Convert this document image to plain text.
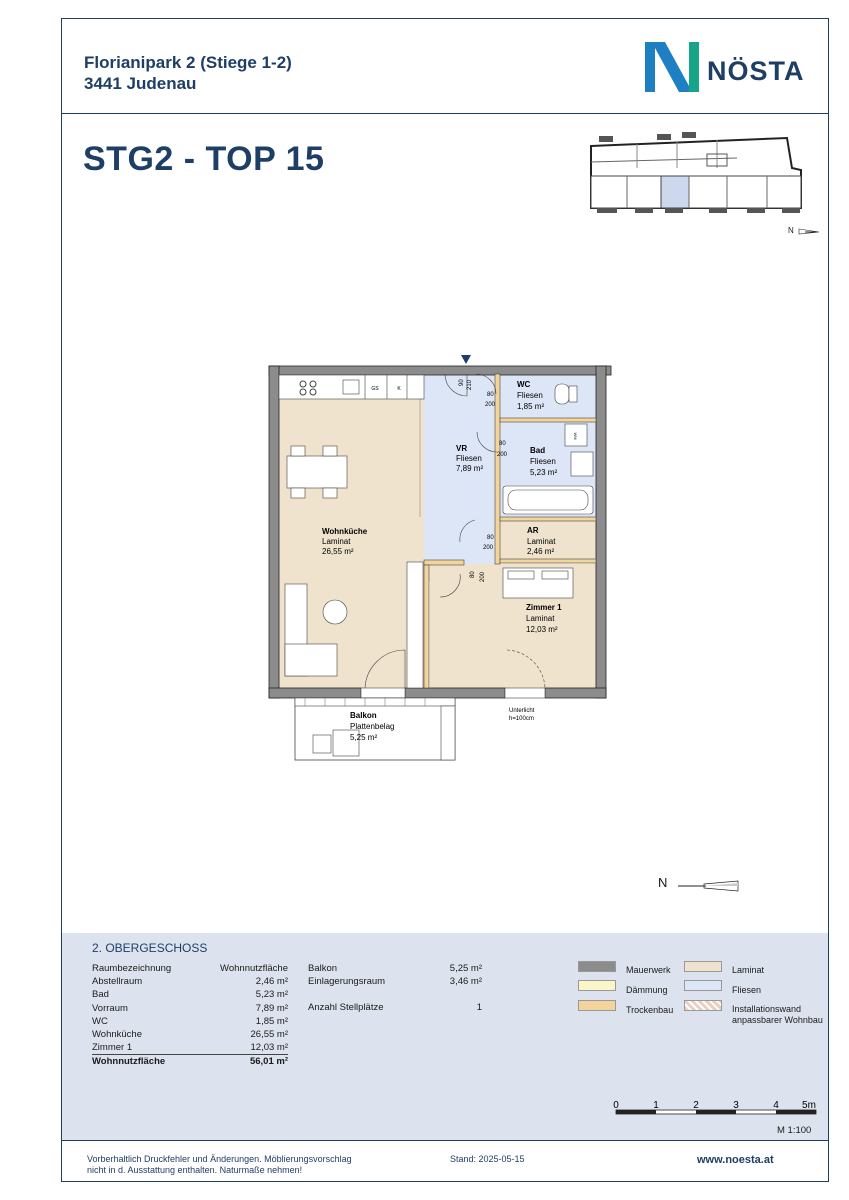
Florianipark 2 (Stiege 1-2)
3441 Judenau	NÖSTA
STG2 - TOP 15
N
GS	K
WM
Wohnküche
Laminat
26,55 m²
VR
Fliesen
7,89 m²
WC
Fliesen
1,85 m²
Bad
Fliesen
5,23 m²
AR
Laminat
2,46 m²
Zimmer 1
Laminat
12,03 m²
Balkon
Plattenbelag
5,25 m²
90 210
80
200
80
200
80
200
80 200
Unterlicht
h=100cm
N
2. OBERGESCHOSS
Raumbezeichnung	Wohnnutzfläche
Abstellraum	2,46 m²
Bad	5,23 m²
Vorraum	7,89 m²
WC	1,85 m²
Wohnküche	26,55 m²
Zimmer 1	12,03 m²
Wohnnutzfläche	56,01 m²
Balkon	5,25 m²
Einlagerungsraum	3,46 m²
Anzahl Stellplätze	1
Mauerwerk
Dämmung
Trockenbau
Laminat
Fliesen
Installationswand
anpassbarer Wohnbau
0	1	2	3	4 5m
M 1:100
Vorberhaltlich Druckfehler und Änderungen. Möblierungsvorschlag
nicht in d. Ausstattung enthalten. Naturmaße nehmen!
Stand: 2025-05-15	www.noesta.at
